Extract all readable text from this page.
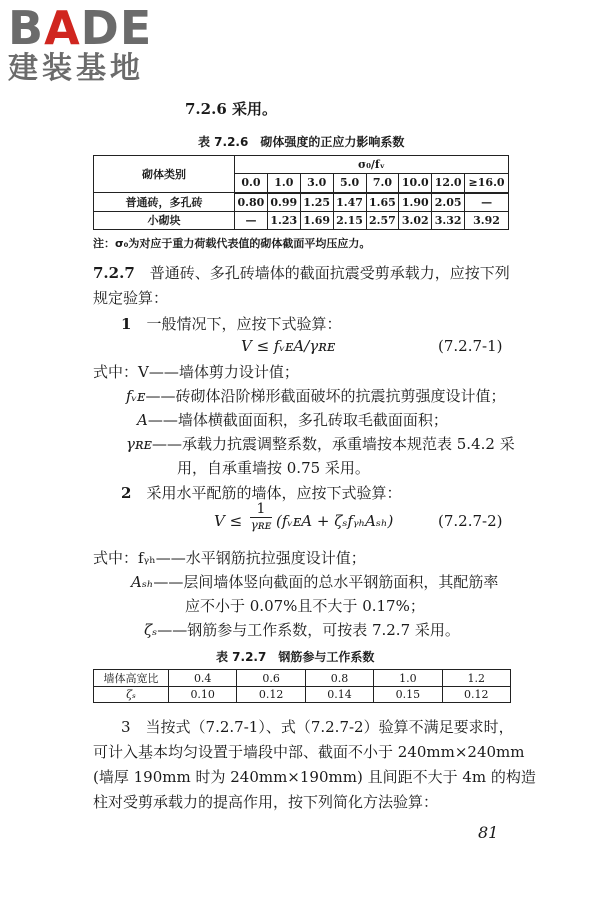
BADE
建装基地
7.2.6 采用。
表 7.2.6　砌体强度的正应力影响系数
砌体类别	σ₀/fᵥ							
	0.0	1.0	3.0	5.0	7.0	10.0	12.0	≥16.0
普通砖，多孔砖	0.80	0.99	1.25	1.47	1.65	1.90	2.05	—
小砌块	—	1.23	1.69	2.15	2.57	3.02	3.32	3.92
注：σ₀为对应于重力荷载代表值的砌体截面平均压应力。
7.2.7　 普通砖、多孔砖墙体的截面抗震受剪承载力，应按下列
规定验算：
1　 一般情况下，应按下式验算：
V ≤ fᵥᴇA/γʀᴇ	(7.2.7-1)
式中：V——墙体剪力设计值；
fᵥᴇ——砖砌体沿阶梯形截面破坏的抗震抗剪强度设计值；
A——墙体横截面面积，多孔砖取毛截面面积；
γʀᴇ——承载力抗震调整系数，承重墙按本规范表 5.4.2 采
用，自承重墙按 0.75 采用。
2　 采用水平配筋的墙体，应按下式验算：
V ≤
1
γʀᴇ (fᵥᴇA + ζₛfᵧₕAₛₕ)	(7.2.7-2)
式中：fᵧₕ——水平钢筋抗拉强度设计值；
Aₛₕ——层间墙体竖向截面的总水平钢筋面积，其配筋率
应不小于 0.07%且不大于 0.17%；
ζₛ——钢筋参与工作系数，可按表 7.2.7 采用。
表 7.2.7　钢筋参与工作系数
墙体高宽比	0.4	0.6	0.8	1.0	1.2
ζₛ	0.10	0.12	0.14	0.15	0.12
3　当按式（7.2.7-1）、式（7.2.7-2）验算不满足要求时，
可计入基本均匀设置于墙段中部、截面不小于 240mm×240mm
(墙厚 190mm 时为 240mm×190mm) 且间距不大于 4m 的构造
柱对受剪承载力的提高作用，按下列简化方法验算：
81
